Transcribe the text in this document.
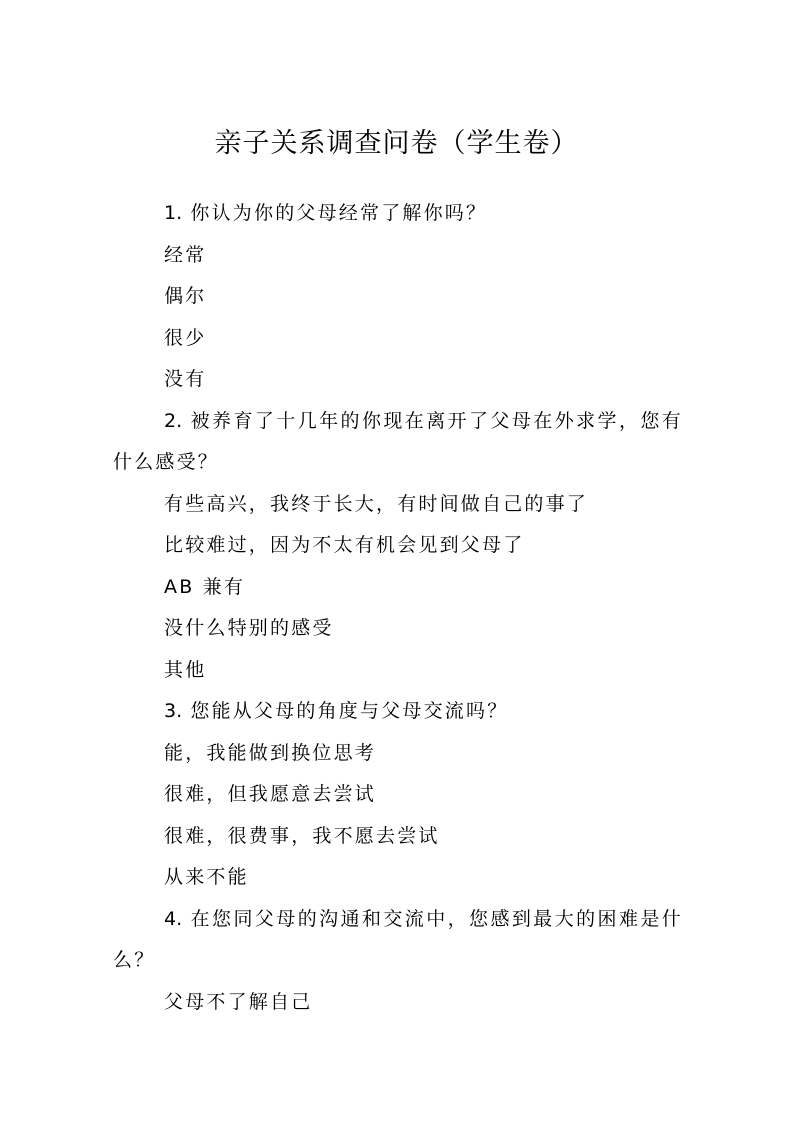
亲子关系调查问卷（学生卷）

1. 你认为你的父母经常了解你吗？

经常

偶尔

很少

没有

2. 被养育了十几年的你现在离开了父母在外求学，您有什么感受？

有些高兴，我终于长大，有时间做自己的事了

比较难过，因为不太有机会见到父母了

AB 兼有

没什么特别的感受

其他

3. 您能从父母的角度与父母交流吗？

能，我能做到换位思考

很难，但我愿意去尝试

很难，很费事，我不愿去尝试

从来不能

4. 在您同父母的沟通和交流中，您感到最大的困难是什么？

父母不了解自己
